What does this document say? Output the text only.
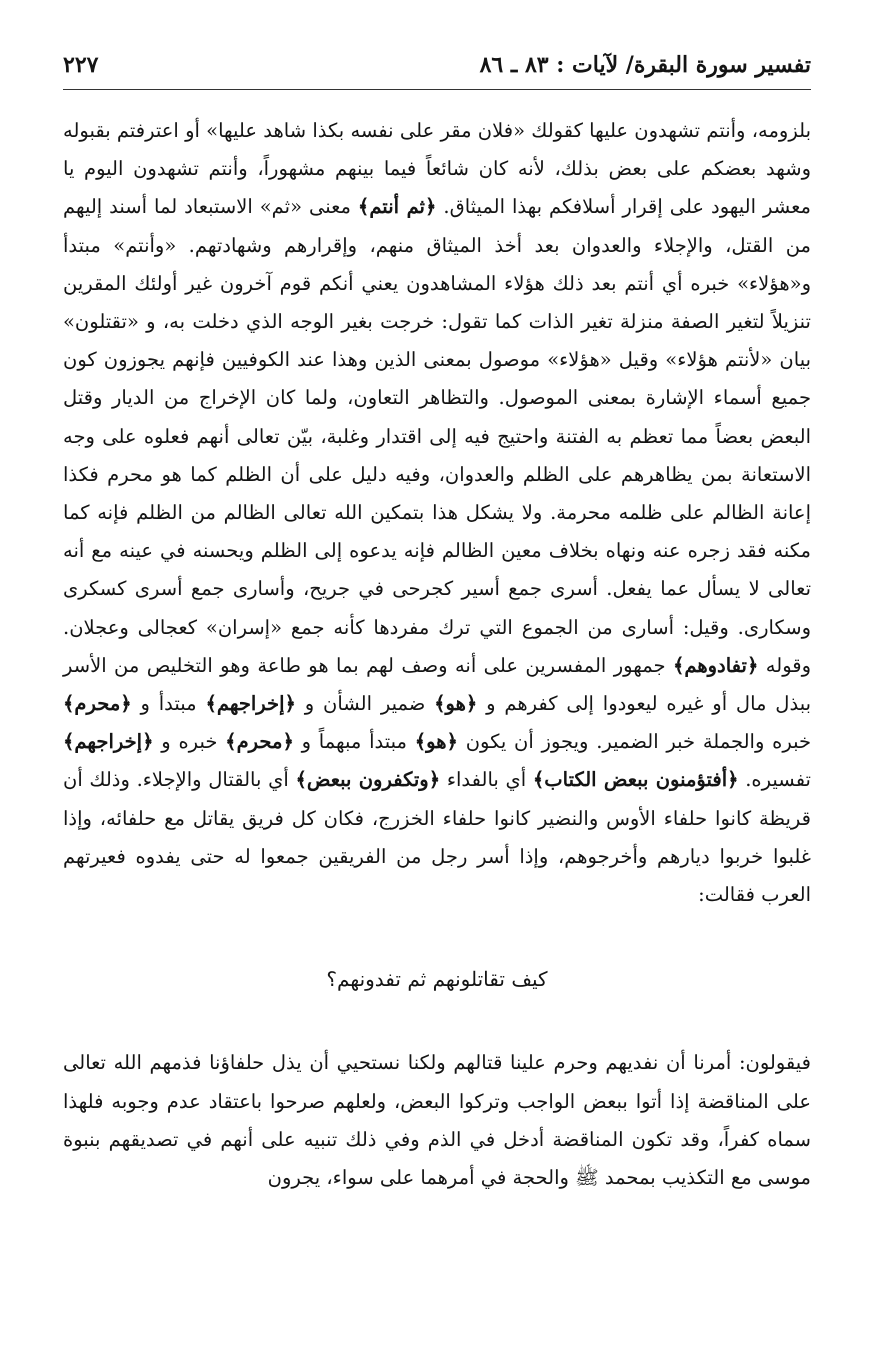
٢٢٧	تفسير سورة البقرة/ لآيات : ٨٣ ـ ٨٦

بلزومه، وأنتم تشهدون عليها كقولك «فلان مقر على نفسه بكذا شاهد عليها» أو اعترفتم بقبوله وشهد بعضكم على بعض بذلك، لأنه كان شائعاً فيما بينهم مشهوراً، وأنتم تشهدون اليوم يا معشر اليهود على إقرار أسلافكم بهذا الميثاق. ﴿ثم أنتم﴾ معنى «ثم» الاستبعاد لما أسند إليهم من القتل، والإجلاء والعدوان بعد أخذ الميثاق منهم، وإقرارهم وشهادتهم. «وأنتم» مبتدأ و«هؤلاء» خبره أي أنتم بعد ذلك هؤلاء المشاهدون يعني أنكم قوم آخرون غير أولئك المقرين تنزيلاً لتغير الصفة منزلة تغير الذات كما تقول: خرجت بغير الوجه الذي دخلت به، و «تقتلون» بيان «لأنتم هؤلاء» وقيل «هؤلاء» موصول بمعنى الذين وهذا عند الكوفيين فإنهم يجوزون كون جميع أسماء الإشارة بمعنى الموصول. والتظاهر التعاون، ولما كان الإخراج من الديار وقتل البعض بعضاً مما تعظم به الفتنة واحتيج فيه إلى اقتدار وغلبة، بيّن تعالى أنهم فعلوه على وجه الاستعانة بمن يظاهرهم على الظلم والعدوان، وفيه دليل على أن الظلم كما هو محرم فكذا إعانة الظالم على ظلمه محرمة. ولا يشكل هذا بتمكين الله تعالى الظالم من الظلم فإنه كما مكنه فقد زجره عنه ونهاه بخلاف معين الظالم فإنه يدعوه إلى الظلم ويحسنه في عينه مع أنه تعالى لا يسأل عما يفعل. أسرى جمع أسير كجرحى في جريح، وأسارى جمع أسرى كسكرى وسكارى. وقيل: أسارى من الجموع التي ترك مفردها كأنه جمع «إسران» كعجالى وعجلان. وقوله ﴿تفادوهم﴾ جمهور المفسرين على أنه وصف لهم بما هو طاعة وهو التخليص من الأسر ببذل مال أو غيره ليعودوا إلى كفرهم و ﴿هو﴾ ضمير الشأن و ﴿إخراجهم﴾ مبتدأ و ﴿محرم﴾ خبره والجملة خبر الضمير. ويجوز أن يكون ﴿هو﴾ مبتدأ مبهماً و ﴿محرم﴾ خبره و ﴿إخراجهم﴾ تفسيره. ﴿أفتؤمنون ببعض الكتاب﴾ أي بالفداء ﴿وتكفرون ببعض﴾ أي بالقتال والإجلاء. وذلك أن قريظة كانوا حلفاء الأوس والنضير كانوا حلفاء الخزرج، فكان كل فريق يقاتل مع حلفائه، وإذا غلبوا خربوا ديارهم وأخرجوهم، وإذا أسر رجل من الفريقين جمعوا له حتى يفدوه فعيرتهم العرب فقالت:

كيف تقاتلونهم ثم تفدونهم؟

فيقولون: أمرنا أن نفديهم وحرم علينا قتالهم ولكنا نستحيي أن يذل حلفاؤنا فذمهم الله تعالى على المناقضة إذا أتوا ببعض الواجب وتركوا البعض، ولعلهم صرحوا باعتقاد عدم وجوبه فلهذا سماه كفراً، وقد تكون المناقضة أدخل في الذم وفي ذلك تنبيه على أنهم في تصديقهم بنبوة موسى مع التكذيب بمحمد ﷺ والحجة في أمرهما على سواء، يجرون
